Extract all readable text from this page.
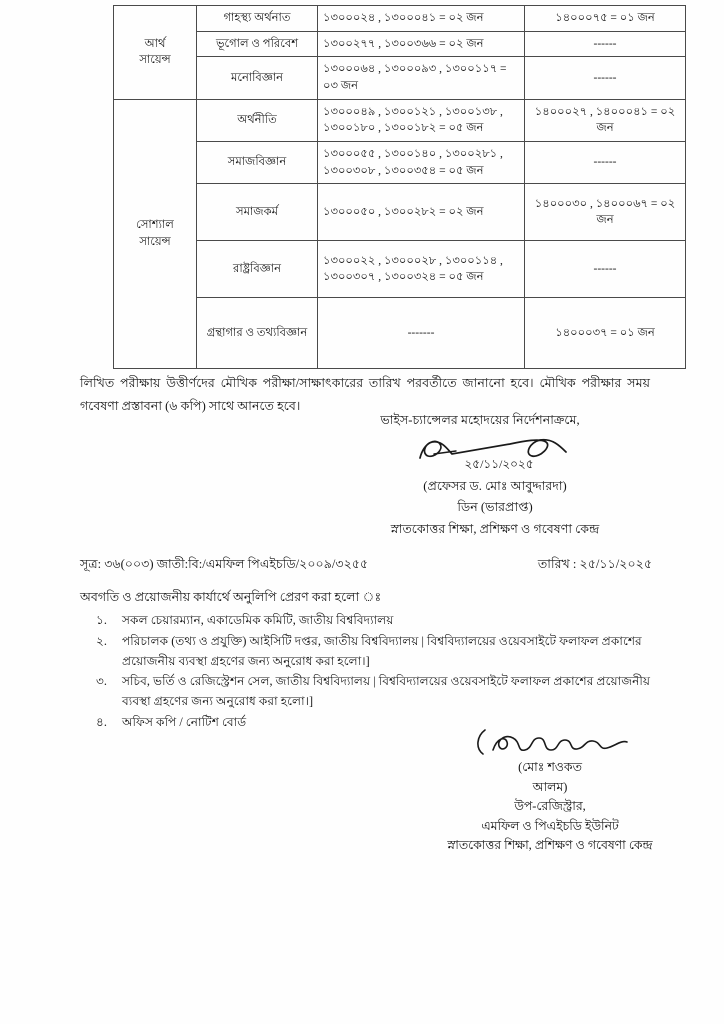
আর্থ
সায়েন্স	গাহস্থ্য অর্থনাত	১৩০০০২৪ , ১৩০০০৪১ = ০২ জন	১৪০০০৭৫ = ০১ জন
	ভূগোল ও পরিবেশ	১৩০০২৭৭ , ১৩০০৩৬৬ = ০২ জন	------
	মনোবিজ্ঞান	১৩০০০৬৪ , ১৩০০০৯৩ , ১৩০০১১৭ = ০৩ জন	------
সোশ্যাল
সায়েন্স	অর্থনীতি	১৩০০০৪৯ , ১৩০০১২১ , ১৩০০১৩৮ , ১৩০০১৮০ , ১৩০০১৮২ = ০৫ জন	১৪০০০২৭ , ১৪০০০৪১ = ০২ জন
	সমাজবিজ্ঞান	১৩০০০৫৫ , ১৩০০১৪০ , ১৩০০২৮১ , ১৩০০৩০৮ , ১৩০০৩৫৪ = ০৫ জন	------
	সমাজকর্ম	১৩০০০৫০ , ১৩০০২৮২ = ০২ জন	১৪০০০৩০ , ১৪০০০৬৭ = ০২ জন
	রাষ্ট্রবিজ্ঞান	১৩০০০২২ , ১৩০০০২৮ , ১৩০০১১৪ , ১৩০০৩০৭ , ১৩০০৩২৪ = ০৫ জন	------
	গ্রন্থাগার ও তথ্যবিজ্ঞান	-------	১৪০০০৩৭ = ০১ জন
লিখিত পরীক্ষায় উত্তীর্ণদের মৌখিক পরীক্ষা/সাক্ষাৎকারের তারিখ পরবর্তীতে জানানো হবে। মৌখিক পরীক্ষার সময় গবেষণা প্রস্তাবনা (৬ কপি) সাথে আনতে হবে।
ভাইস-চ্যান্সেলর মহোদয়ের নির্দেশনাক্রমে,
২৫/১১/২০২৫
(প্রফেসর ড. মোঃ আবুদ্দারদা)
ডিন (ভারপ্রাপ্ত)
স্নাতকোত্তর শিক্ষা, প্রশিক্ষণ ও গবেষণা কেন্দ্র
সূত্র: ৩৬(০০৩) জাতী:বি:/এমফিল পিএইচডি/২০০৯/৩২৫৫	তারিখ : ২৫/১১/২০২৫
অবগতি ও প্রয়োজনীয় কার্যার্থে অনুলিপি প্রেরণ করা হলো ঃ
১.	সকল চেয়ারম্যান, একাডেমিক কমিটি, জাতীয় বিশ্ববিদ্যালয়
২.	পরিচালক (তথ্য ও প্রযুক্তি) আইসিটি দপ্তর, জাতীয় বিশ্ববিদ্যালয় | বিশ্ববিদ্যালয়ের ওয়েবসাইটে ফলাফল প্রকাশের প্রয়োজনীয় ব্যবস্থা গ্রহণের জন্য অনুরোধ করা হলো।]
৩.	সচিব, ভর্তি ও রেজিস্ট্রেশন সেল, জাতীয় বিশ্ববিদ্যালয় | বিশ্ববিদ্যালয়ের ওয়েবসাইটে ফলাফল প্রকাশের প্রয়োজনীয় ব্যবস্থা গ্রহণের জন্য অনুরোধ করা হলো।]
৪.	অফিস কপি / নোটিশ বোর্ড
(মোঃ শওকত
আলম)
উপ-রেজিস্ট্রার,
এমফিল ও পিএইচডি ইউনিট
স্নাতকোত্তর শিক্ষা, প্রশিক্ষণ ও গবেষণা কেন্দ্র
